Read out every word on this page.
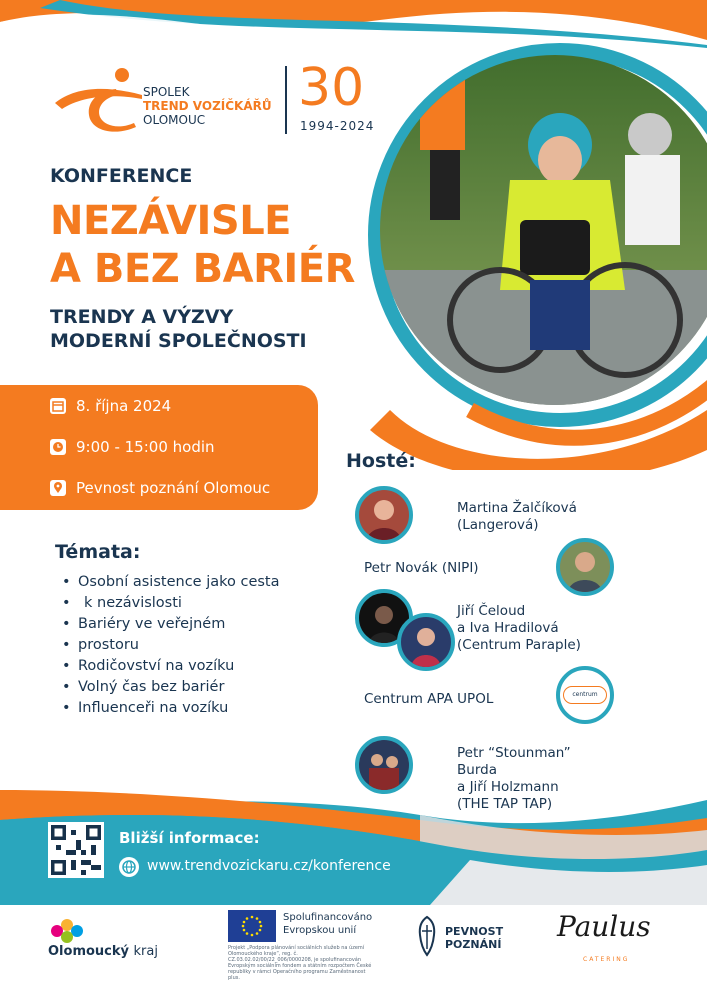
SPOLEK
TREND VOZÍČKÁŘŮ
OLOMOUC
30
1994-2024
KONFERENCE
NEZÁVISLE
A BEZ BARIÉR
TRENDY A VÝZVY
MODERNÍ SPOLEČNOSTI
8. října 2024
9:00 - 15:00 hodin
Pevnost poznání Olomouc
Témata:
• Osobní asistence jako cesta
• k nezávislosti
• Bariéry ve veřejném
• prostoru
• Rodičovství na vozíku
• Volný čas bez bariér
• Influenceři na vozíku
Hosté:
Martina Žalčíková
(Langerová)
Petr Novák (NIPI)
Jiří Čeloud
a Iva Hradilová
(Centrum Paraple)
Centrum APA UPOL	centrum
Petr “Stounman”
Burda
a Jiří Holzmann
(THE TAP TAP)
Bližší informace:
www.trendvozickaru.cz/konference
Olomoucký kraj
Spolufinancováno
Evropskou unií
Projekt „Podpora plánování sociálních služeb na území Olomouckého kraje“, reg. č. CZ.03.02.02/00/22_006/0000208, je spolufinancován Evropským sociálním fondem a státním rozpočtem České republiky v rámci Operačního programu Zaměstnanost plus.
PEVNOST
POZNÁNÍ
Paulus
CATERING
